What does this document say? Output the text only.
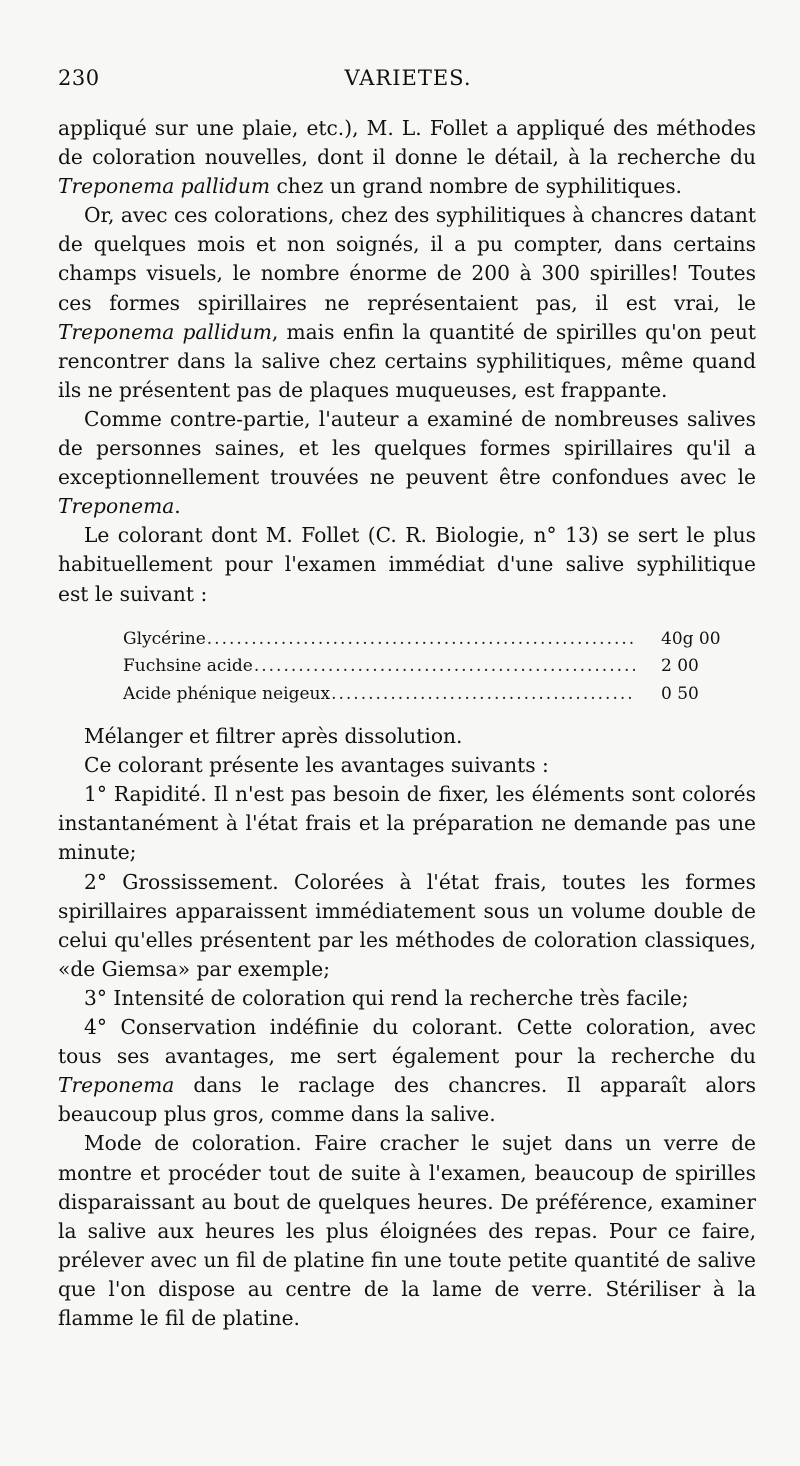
VARIETES.
230

appliqué sur une plaie, etc.), M. L. Follet a appliqué des méthodes de coloration nouvelles, dont il donne le détail, à la recherche du Treponema pallidum chez un grand nombre de syphilitiques.

Or, avec ces colorations, chez des syphilitiques à chancres datant de quelques mois et non soignés, il a pu compter, dans certains champs visuels, le nombre énorme de 200 à 300 spirilles! Toutes ces formes spirillaires ne représentaient pas, il est vrai, le Treponema pallidum, mais enfin la quantité de spirilles qu'on peut rencontrer dans la salive chez certains syphilitiques, même quand ils ne présentent pas de plaques muqueuses, est frappante.

Comme contre-partie, l'auteur a examiné de nombreuses salives de personnes saines, et les quelques formes spirillaires qu'il a exceptionnellement trouvées ne peuvent être confondues avec le Treponema.

Le colorant dont M. Follet (C. R. Biologie, n° 13) se sert le plus habituellement pour l'examen immédiat d'une salive syphilitique est le suivant :

Glycérine .....	40g 00
Fuchsine acide .....	2 00
Acide phénique neigeux .....	0 50

Mélanger et filtrer après dissolution.

Ce colorant présente les avantages suivants :

1° Rapidité. Il n'est pas besoin de fixer, les éléments sont colorés instantanément à l'état frais et la préparation ne demande pas une minute;

2° Grossissement. Colorées à l'état frais, toutes les formes spirillaires apparaissent immédiatement sous un volume double de celui qu'elles présentent par les méthodes de coloration classiques, «de Giemsa» par exemple;

3° Intensité de coloration qui rend la recherche très facile;

4° Conservation indéfinie du colorant. Cette coloration, avec tous ses avantages, me sert également pour la recherche du Treponema dans le raclage des chancres. Il apparaît alors beaucoup plus gros, comme dans la salive.

Mode de coloration. Faire cracher le sujet dans un verre de montre et procéder tout de suite à l'examen, beaucoup de spirilles disparaissant au bout de quelques heures. De préférence, examiner la salive aux heures les plus éloignées des repas. Pour ce faire, prélever avec un fil de platine fin une toute petite quantité de salive que l'on dispose au centre de la lame de verre. Stériliser à la flamme le fil de platine.
